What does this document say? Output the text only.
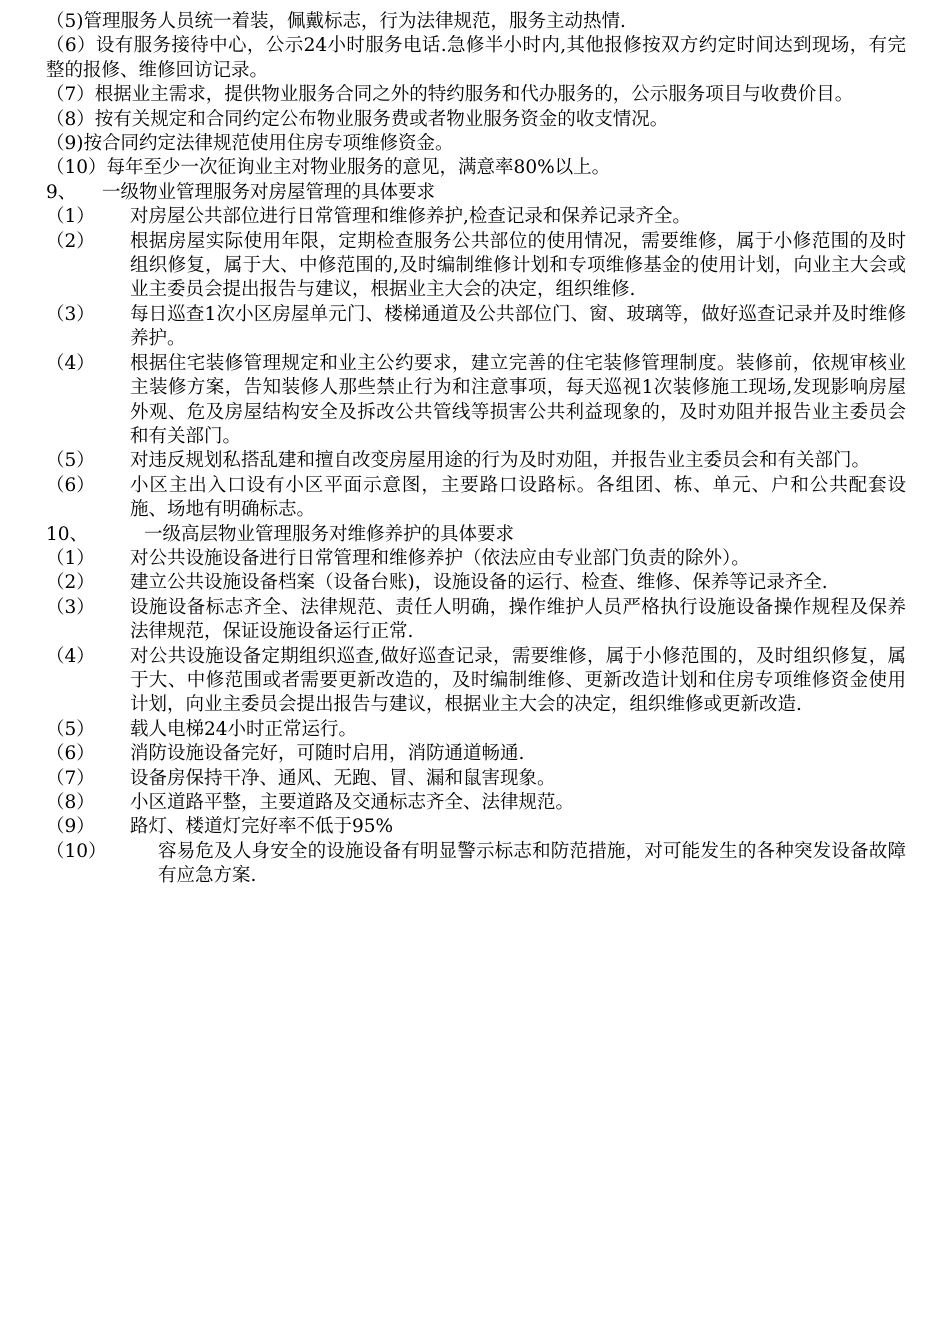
（5)管理服务人员统一着装，佩戴标志，行为法律规范，服务主动热情.

（6）设有服务接待中心，公示24小时服务电话.急修半小时内,其他报修按双方约定时间达到现场，有完整的报修、维修回访记录。

（7）根据业主需求，提供物业服务合同之外的特约服务和代办服务的，公示服务项目与收费价目。

（8）按有关规定和合同约定公布物业服务费或者物业服务资金的收支情况。

（9)按合同约定法律规范使用住房专项维修资金。

（10）每年至少一次征询业主对物业服务的意见，满意率80%以上。

9、	一级物业管理服务对房屋管理的具体要求
（1）	对房屋公共部位进行日常管理和维修养护,检查记录和保养记录齐全。
（2）	根据房屋实际使用年限，定期检查服务公共部位的使用情况，需要维修，属于小修范围的及时组织修复，属于大、中修范围的,及时编制维修计划和专项维修基金的使用计划，向业主大会或业主委员会提出报告与建议，根据业主大会的决定，组织维修.
（3）	每日巡查1次小区房屋单元门、楼梯通道及公共部位门、窗、玻璃等，做好巡查记录并及时维修养护。
（4）	根据住宅装修管理规定和业主公约要求，建立完善的住宅装修管理制度。装修前，依规审核业主装修方案，告知装修人那些禁止行为和注意事项，每天巡视1次装修施工现场,发现影响房屋外观、危及房屋结构安全及拆改公共管线等损害公共利益现象的，及时劝阻并报告业主委员会和有关部门。
（5）	对违反规划私搭乱建和擅自改变房屋用途的行为及时劝阻，并报告业主委员会和有关部门。
（6）	小区主出入口设有小区平面示意图，主要路口设路标。各组团、栋、单元、户和公共配套设施、场地有明确标志。
10、	一级高层物业管理服务对维修养护的具体要求
（1）	对公共设施设备进行日常管理和维修养护（依法应由专业部门负责的除外）。
（2）	建立公共设施设备档案（设备台账)，设施设备的运行、检查、维修、保养等记录齐全.
（3）	设施设备标志齐全、法律规范、责任人明确，操作维护人员严格执行设施设备操作规程及保养法律规范，保证设施设备运行正常.
（4）	对公共设施设备定期组织巡查,做好巡查记录，需要维修，属于小修范围的，及时组织修复，属于大、中修范围或者需要更新改造的，及时编制维修、更新改造计划和住房专项维修资金使用计划，向业主委员会提出报告与建议，根据业主大会的决定，组织维修或更新改造.
（5）	载人电梯24小时正常运行。
（6）	消防设施设备完好，可随时启用，消防通道畅通.
（7）	设备房保持干净、通风、无跑、冒、漏和鼠害现象。
（8）	小区道路平整，主要道路及交通标志齐全、法律规范。
（9）	路灯、楼道灯完好率不低于95%
（10）	容易危及人身安全的设施设备有明显警示标志和防范措施，对可能发生的各种突发设备故障有应急方案.
